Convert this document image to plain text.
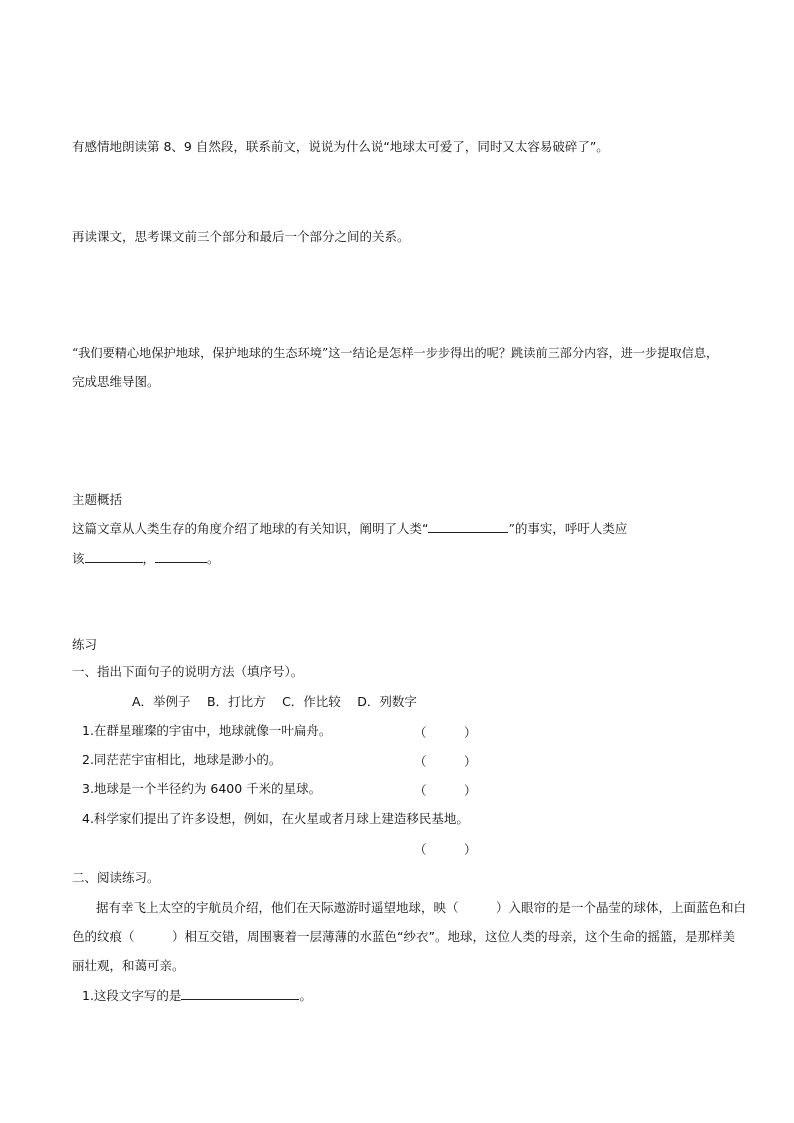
有感情地朗读第 8、9 自然段，联系前文，说说为什么说“地球太可爱了，同时又太容易破碎了”。
再读课文，思考课文前三个部分和最后一个部分之间的关系。
“我们要精心地保护地球，保护地球的生态环境”这一结论是怎样一步步得出的呢？跳读前三部分内容，进一步提取信息，
完成思维导图。
主题概括
这篇文章从人类生存的角度介绍了地球的有关知识，阐明了人类“	”的事实，呼吁人类应
该	，	。
练习
一、指出下面句子的说明方法（填序号）。
A．举例子　 B．打比方　 C．作比较　 D．列数字
1.在群星璀璨的宇宙中，地球就像一叶扁舟。	（　　　）
2.同茫茫宇宙相比，地球是渺小的。	（　　　）
3.地球是一个半径约为 6400 千米的星球。	（　　　）
4.科学家们提出了许多设想，例如，在火星或者月球上建造移民基地。
（　　　）
二、阅读练习。
据有幸飞上太空的宇航员介绍，他们在天际遨游时遥望地球，映（　　　）入眼帘的是一个晶莹的球体，上面蓝色和白
色的纹痕（　　　）相互交错，周围裹着一层薄薄的水蓝色“纱衣”。地球，这位人类的母亲，这个生命的摇篮，是那样美
丽壮观，和蔼可亲。
1.这段文字写的是	。
